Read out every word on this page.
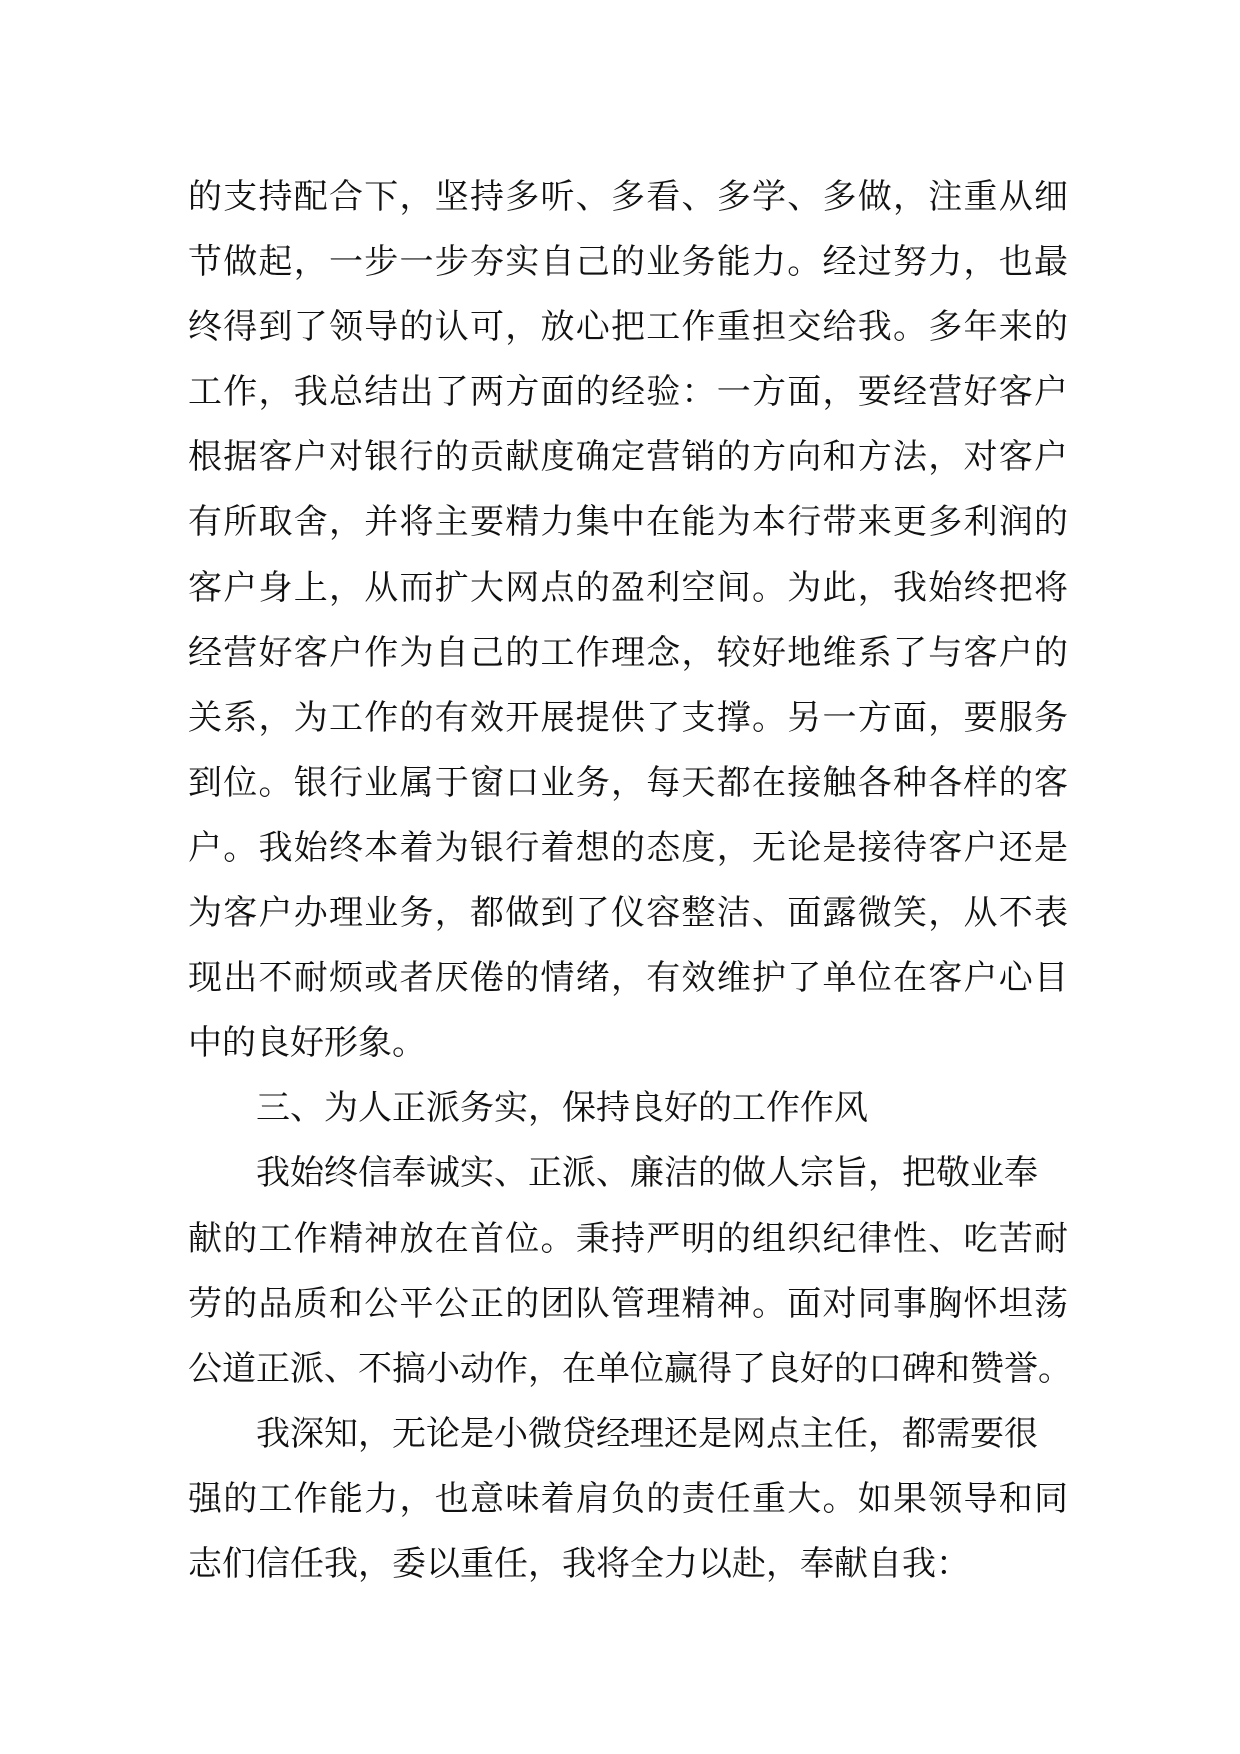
的支持配合下，坚持多听、多看、多学、多做，注重从细
节做起，一步一步夯实自己的业务能力。经过努力，也最
终得到了领导的认可，放心把工作重担交给我。多年来的
工作，我总结出了两方面的经验：一方面，要经营好客户
根据客户对银行的贡献度确定营销的方向和方法，对客户
有所取舍，并将主要精力集中在能为本行带来更多利润的
客户身上，从而扩大网点的盈利空间。为此，我始终把将
经营好客户作为自己的工作理念，较好地维系了与客户的
关系，为工作的有效开展提供了支撑。另一方面，要服务
到位。银行业属于窗口业务，每天都在接触各种各样的客
户。我始终本着为银行着想的态度，无论是接待客户还是
为客户办理业务，都做到了仪容整洁、面露微笑，从不表
现出不耐烦或者厌倦的情绪，有效维护了单位在客户心目
中的良好形象。
三、为人正派务实，保持良好的工作作风
我始终信奉诚实、正派、廉洁的做人宗旨，把敬业奉
献的工作精神放在首位。秉持严明的组织纪律性、吃苦耐
劳的品质和公平公正的团队管理精神。面对同事胸怀坦荡
公道正派、不搞小动作，在单位赢得了良好的口碑和赞誉。
我深知，无论是小微贷经理还是网点主任，都需要很
强的工作能力，也意味着肩负的责任重大。如果领导和同
志们信任我，委以重任，我将全力以赴，奉献自我：
